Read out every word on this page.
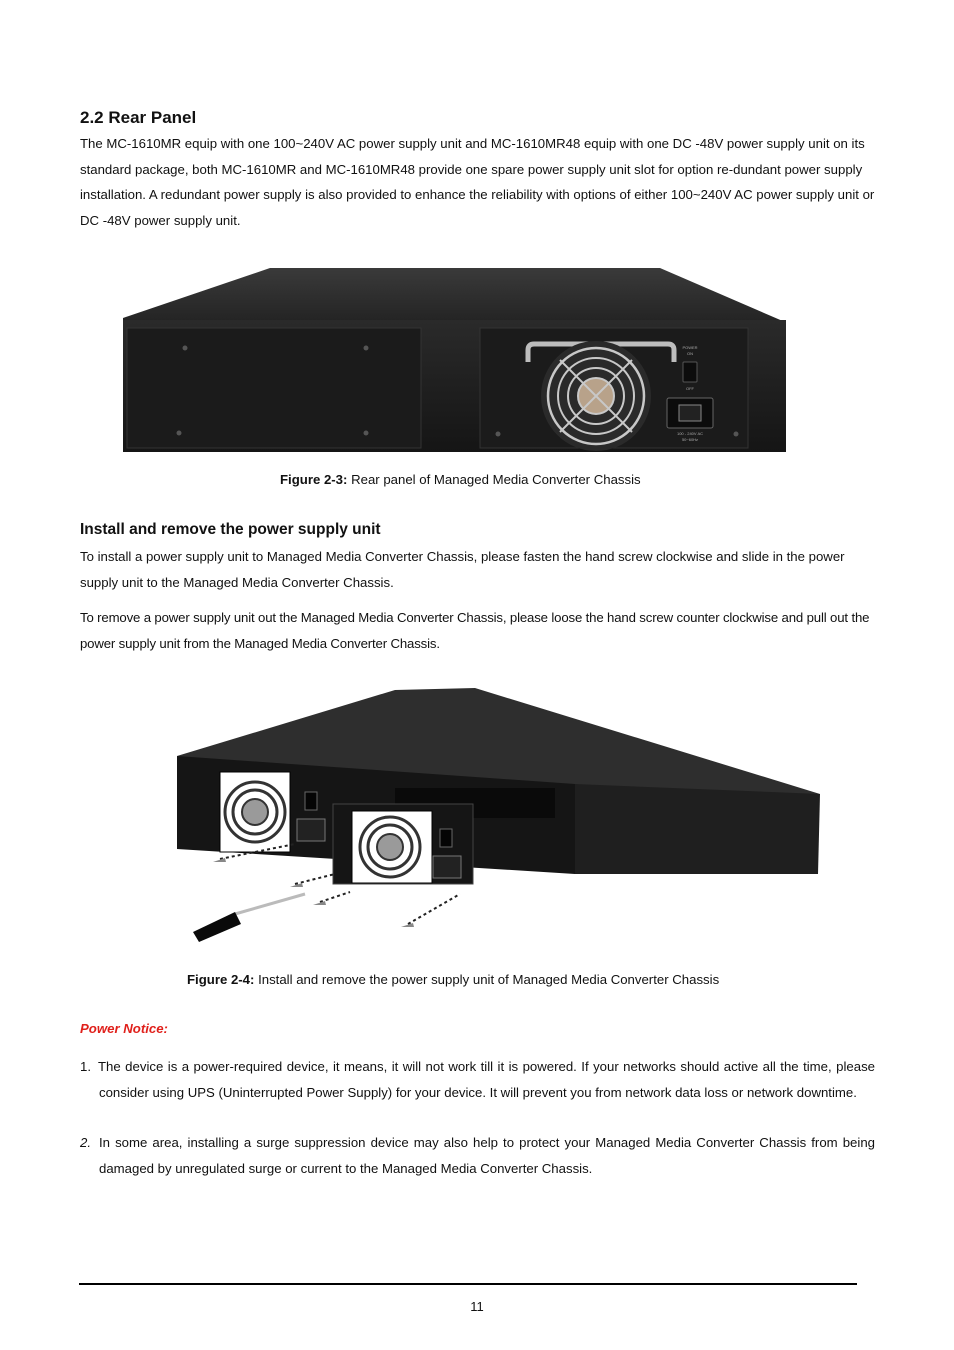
2.2 Rear Panel

The MC-1610MR equip with one 100~240V AC power supply unit and MC-1610MR48 equip with one DC -48V power supply unit on its standard package, both MC-1610MR and MC-1610MR48 provide one spare power supply unit slot for option re-dundant power supply installation. A redundant power supply is also provided to enhance the reliability with options of either 100~240V AC power supply unit or DC -48V power supply unit.

POWER
ON
OFF
100 - 240V AC
50~60Hz

Figure 2-3: Rear panel of Managed Media Converter Chassis

Install and remove the power supply unit

To install a power supply unit to Managed Media Converter Chassis, please fasten the hand screw clockwise and slide in the power supply unit to the Managed Media Converter Chassis.

To remove a power supply unit out the Managed Media Converter Chassis, please loose the hand screw counter clockwise and pull out the power supply unit from the Managed Media Converter Chassis.

Figure 2-4: Install and remove the power supply unit of Managed Media Converter Chassis

Power Notice:

1. The device is a power-required device, it means, it will not work till it is powered. If your networks should active all the time, please consider using UPS (Uninterrupted Power Supply) for your device. It will prevent you from network data loss or network downtime.
2. In some area, installing a surge suppression device may also help to protect your Managed Media Converter Chassis from being damaged by unregulated surge or current to the Managed Media Converter Chassis.
11
